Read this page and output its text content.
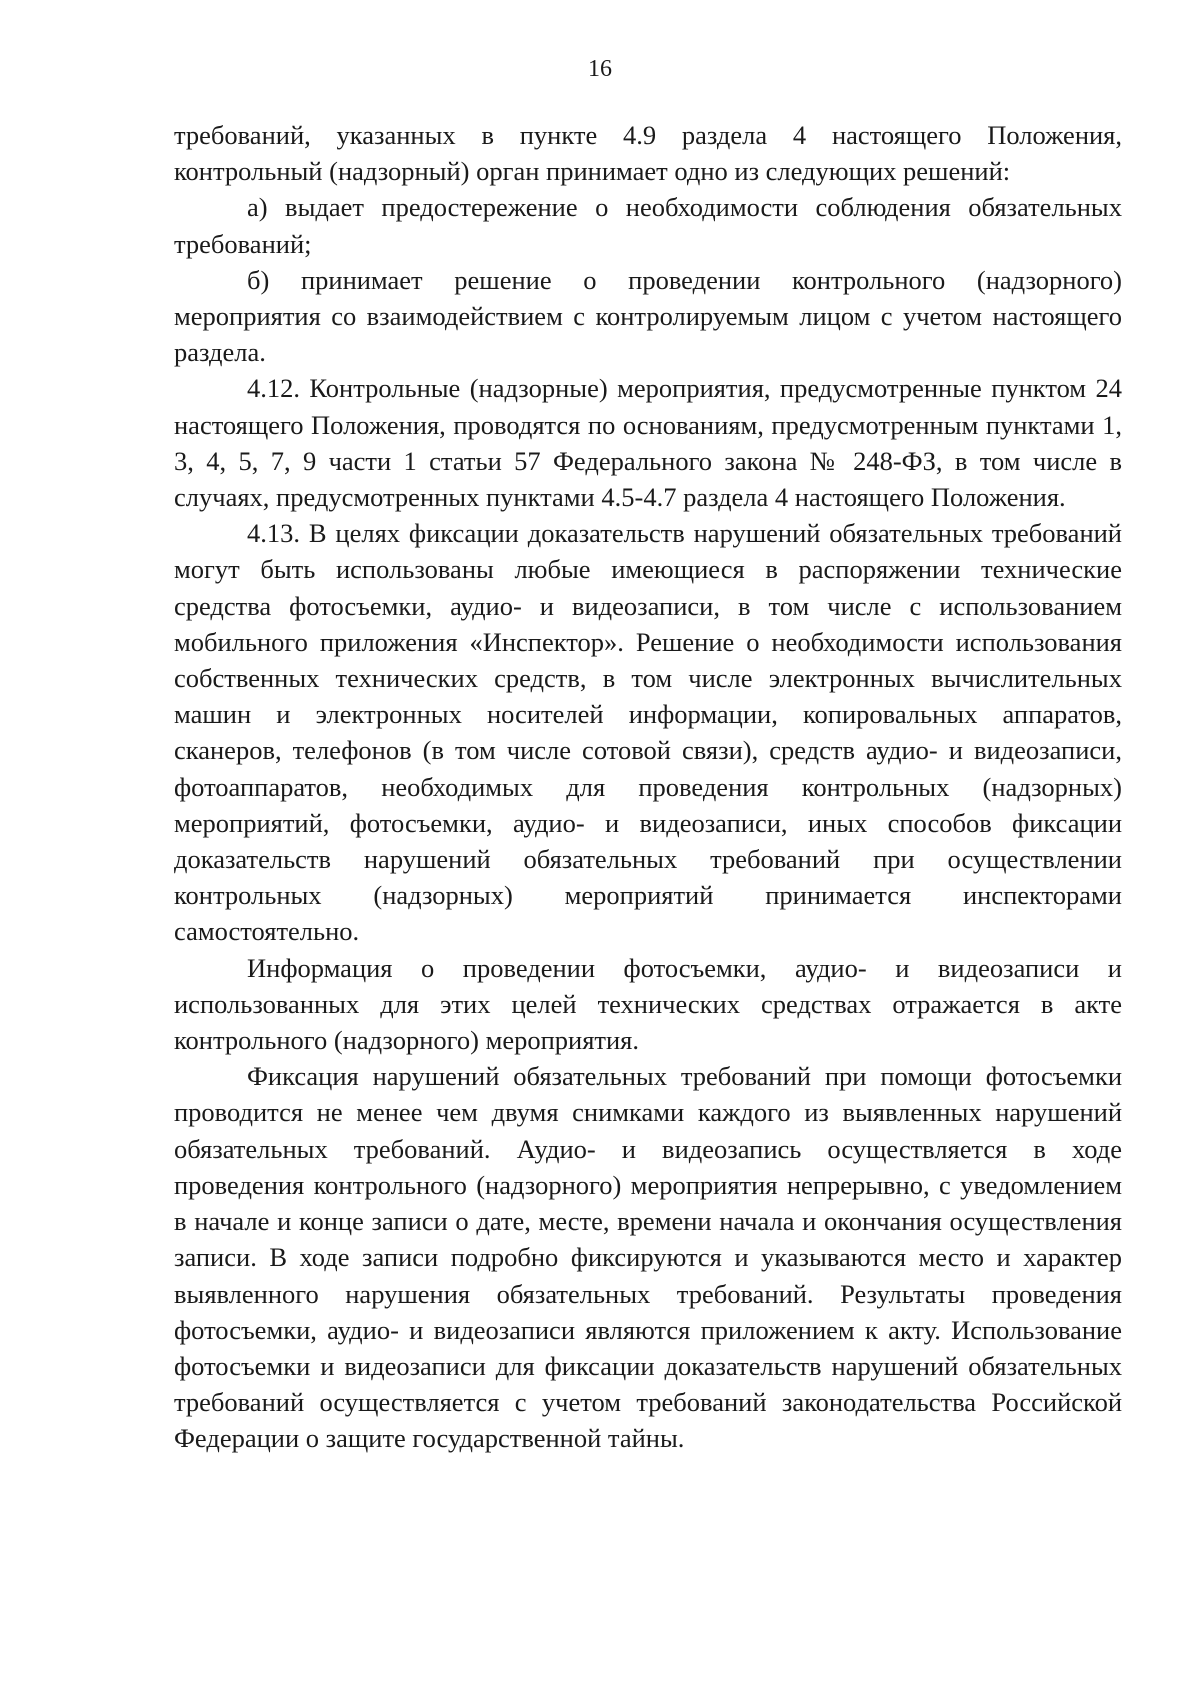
16

требований, указанных в пункте 4.9 раздела 4 настоящего Положения, контрольный (надзорный) орган принимает одно из следующих решений:

а) выдает предостережение о необходимости соблюдения обязательных требований;

б) принимает решение о проведении контрольного (надзорного) мероприятия со взаимодействием с контролируемым лицом с учетом настоящего раздела.

4.12. Контрольные (надзорные) мероприятия, предусмотренные пунктом 24 настоящего Положения, проводятся по основаниям, предусмотренным пунктами 1, 3, 4, 5, 7, 9 части 1 статьи 57 Федерального закона № 248-ФЗ, в том числе в случаях, предусмотренных пунктами 4.5-4.7 раздела 4 настоящего Положения.

4.13. В целях фиксации доказательств нарушений обязательных требований могут быть использованы любые имеющиеся в распоряжении технические средства фотосъемки, аудио- и видеозаписи, в том числе с использованием мобильного приложения «Инспектор». Решение о необходимости использования собственных технических средств, в том числе электронных вычислительных машин и электронных носителей информации, копировальных аппаратов, сканеров, телефонов (в том числе сотовой связи), средств аудио- и видеозаписи, фотоаппаратов, необходимых для проведения контрольных (надзорных) мероприятий, фотосъемки, аудио- и видеозаписи, иных способов фиксации доказательств нарушений обязательных требований при осуществлении контрольных (надзорных) мероприятий принимается инспекторами самостоятельно.

Информация о проведении фотосъемки, аудио- и видеозаписи и использованных для этих целей технических средствах отражается в акте контрольного (надзорного) мероприятия.

Фиксация нарушений обязательных требований при помощи фотосъемки проводится не менее чем двумя снимками каждого из выявленных нарушений обязательных требований. Аудио- и видеозапись осуществляется в ходе проведения контрольного (надзорного) мероприятия непрерывно, с уведомлением в начале и конце записи о дате, месте, времени начала и окончания осуществления записи. В ходе записи подробно фиксируются и указываются место и характер выявленного нарушения обязательных требований. Результаты проведения фотосъемки, аудио- и видеозаписи являются приложением к акту. Использование фотосъемки и видеозаписи для фиксации доказательств нарушений обязательных требований осуществляется с учетом требований законодательства Российской Федерации о защите государственной тайны.
